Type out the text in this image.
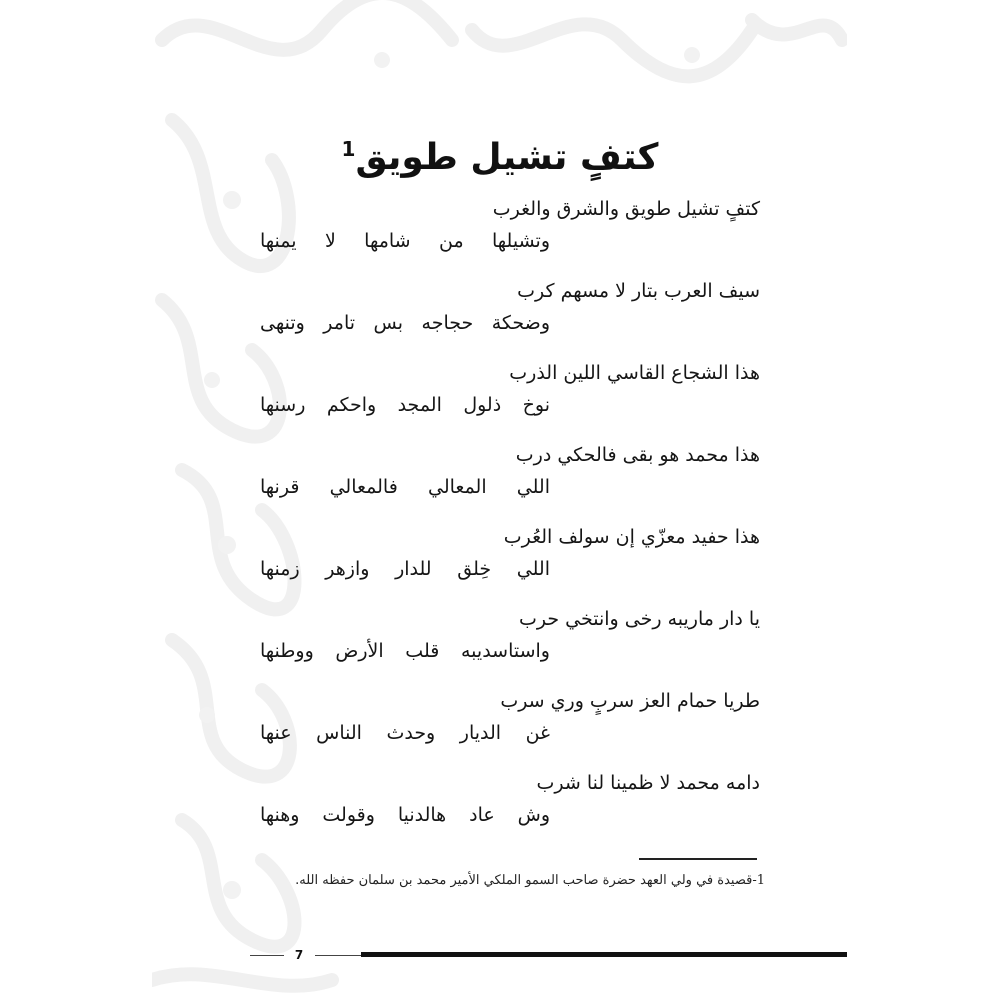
كتفٍ تشيل طويق$^1$
كتفٍ تشيل طويق والشرق والغرب
وتشيلها من شامها لا يمنها
سيف العرب بتار لا مسهم كرب
وضحكة حجاجه بس تامر وتنهى
هذا الشجاع القاسي اللين الذرب
نوخ ذلول المجد واحكم رسنها
هذا محمد هو بقى فالحكي درب
اللي المعالي فالمعالي قرنها
هذا حفيد معزّي إن سولف العُرب
اللي خِلق للدار وازهر زمنها
يا دار ماريبه رخى وانتخي حرب
واستاسديبه قلب الأرض ووطنها
طريا حمام العز سربٍ وري سرب
غن الديار وحدث الناس عنها
دامه محمد لا ظمينا لنا شرب
وش عاد هالدنيا وقولت وهنها
1-قصيدة في ولي العهد حضرة صاحب السمو الملكي الأمير محمد بن سلمان حفظه الله.
7
